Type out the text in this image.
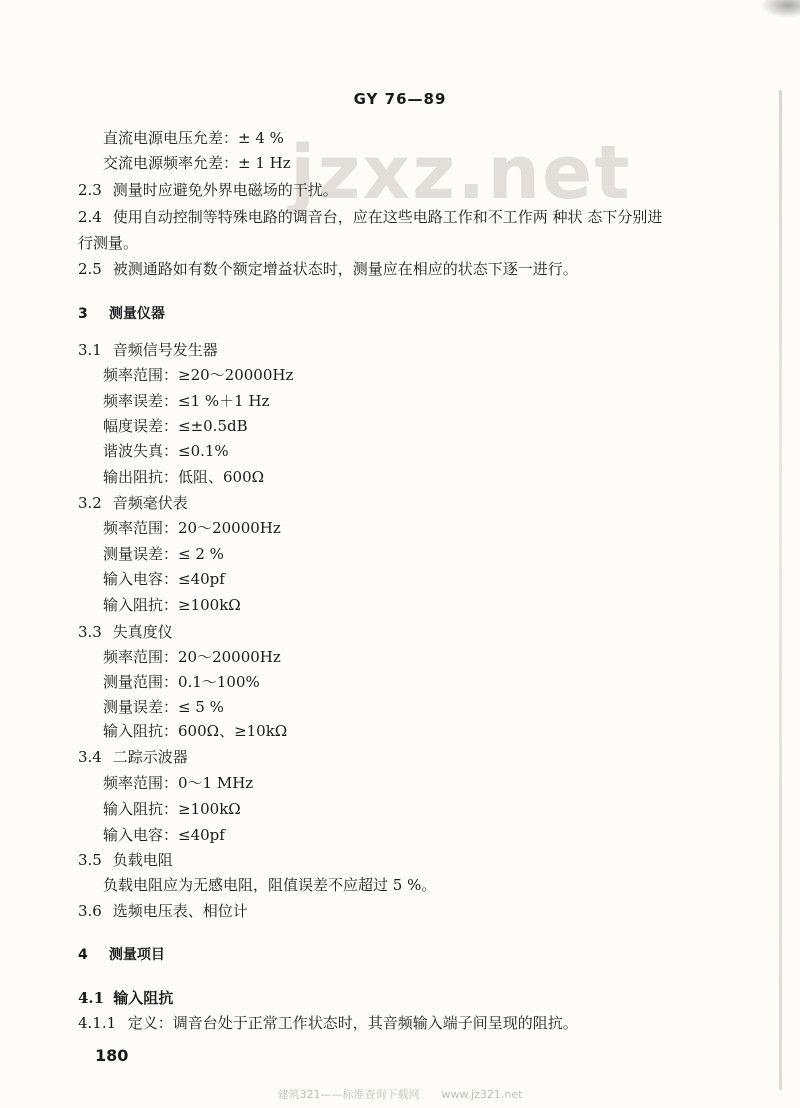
GY 76—89
jzxz.net
直流电源电压允差：± 4 %
交流电源频率允差：± 1 Hz
2.3 测量时应避免外界电磁场的干扰。
2.4 使用自动控制等特殊电路的调音台，应在这些电路工作和不工作两 种状 态下分别进
行测量。
2.5 被测通路如有数个额定增益状态时，测量应在相应的状态下逐一进行。
3 测量仪器
3.1 音频信号发生器
频率范围：≥20～20000Hz
频率误差：≤1 %＋1 Hz
幅度误差：≤±0.5dB
谐波失真：≤0.1%
输出阻抗：低阻、600Ω
3.2 音频毫伏表
频率范围：20～20000Hz
测量误差：≤ 2 %
输入电容：≤40pf
输入阻抗：≥100kΩ
3.3 失真度仪
频率范围：20～20000Hz
测量范围：0.1～100%
测量误差：≤ 5 %
输入阻抗：600Ω、≥10kΩ
3.4 二踪示波器
频率范围：0～1 MHz
输入阻抗：≥100kΩ
输入电容：≤40pf
3.5 负载电阻
负载电阻应为无感电阻，阻值误差不应超过 5 %。
3.6 选频电压表、相位计
4 测量项目
4.1 输入阻抗
4.1.1 定义：调音台处于正常工作状态时，其音频输入端子间呈现的阻抗。
180
建筑321——标准查询下载网　　www.jz321.net
